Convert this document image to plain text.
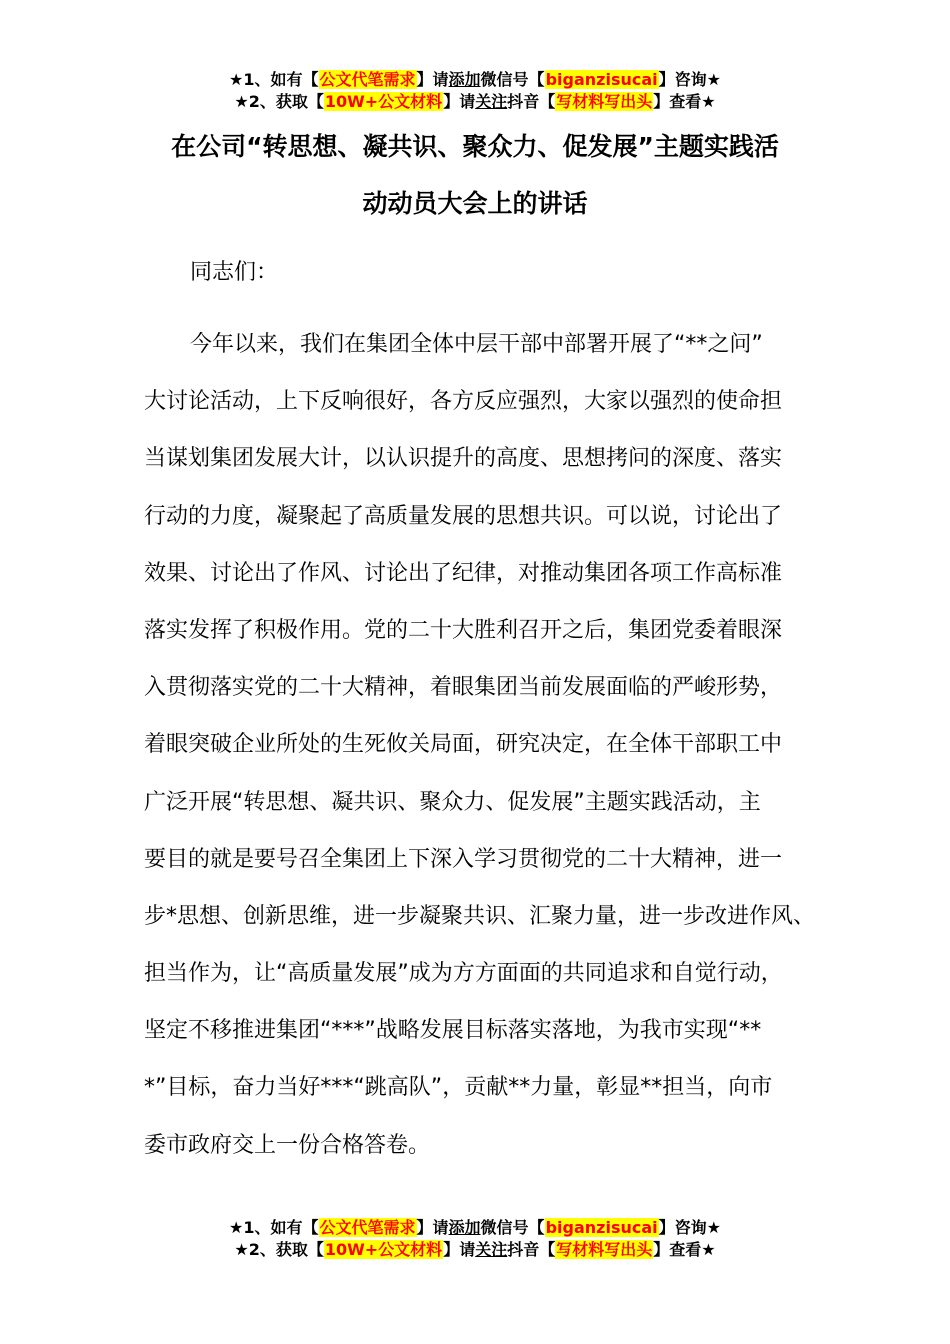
★1、如有【公文代笔需求】请添加微信号【biganzisucai】咨询★
★2、获取【10W+公文材料】请关注抖音【写材料写出头】查看★
在公司“转思想、凝共识、聚众力、促发展”主题实践活
动动员大会上的讲话
同志们：
今年以来，我们在集团全体中层干部中部署开展了“**之问”
大讨论活动，上下反响很好，各方反应强烈，大家以强烈的使命担
当谋划集团发展大计，以认识提升的高度、思想拷问的深度、落实
行动的力度，凝聚起了高质量发展的思想共识。可以说，讨论出了
效果、讨论出了作风、讨论出了纪律，对推动集团各项工作高标准
落实发挥了积极作用。党的二十大胜利召开之后，集团党委着眼深
入贯彻落实党的二十大精神，着眼集团当前发展面临的严峻形势，
着眼突破企业所处的生死攸关局面，研究决定，在全体干部职工中
广泛开展“转思想、凝共识、聚众力、促发展”主题实践活动，主
要目的就是要号召全集团上下深入学习贯彻党的二十大精神，进一
步*思想、创新思维，进一步凝聚共识、汇聚力量，进一步改进作风、
担当作为，让“高质量发展”成为方方面面的共同追求和自觉行动，
坚定不移推进集团“***”战略发展目标落实落地，为我市实现“**
*”目标，奋力当好***“跳高队”，贡献**力量，彰显**担当，向市
委市政府交上一份合格答卷。
★1、如有【公文代笔需求】请添加微信号【biganzisucai】咨询★
★2、获取【10W+公文材料】请关注抖音【写材料写出头】查看★
